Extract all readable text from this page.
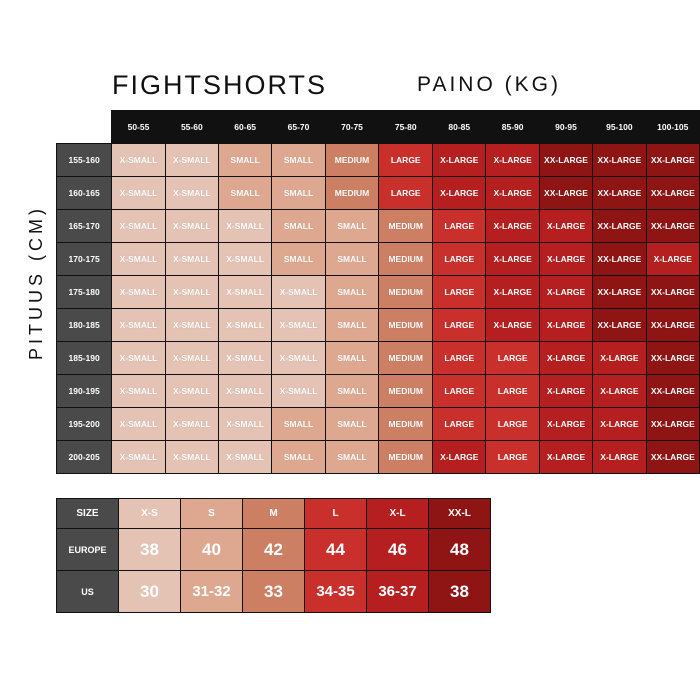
FIGHTSHORTS	PAINO (KG)
PITUUS (CM)
	50-55	55-60	60-65	65-70	70-75	75-80	80-85	85-90	90-95	95-100	100-105
155-160	X-SMALL	X-SMALL	SMALL	SMALL	MEDIUM	LARGE	X-LARGE	X-LARGE	XX-LARGE	XX-LARGE	XX-LARGE
160-165	X-SMALL	X-SMALL	SMALL	SMALL	MEDIUM	LARGE	X-LARGE	X-LARGE	XX-LARGE	XX-LARGE	XX-LARGE
165-170	X-SMALL	X-SMALL	X-SMALL	SMALL	SMALL	MEDIUM	LARGE	X-LARGE	X-LARGE	XX-LARGE	XX-LARGE
170-175	X-SMALL	X-SMALL	X-SMALL	SMALL	SMALL	MEDIUM	LARGE	X-LARGE	X-LARGE	XX-LARGE	X-LARGE
175-180	X-SMALL	X-SMALL	X-SMALL	X-SMALL	SMALL	MEDIUM	LARGE	X-LARGE	X-LARGE	XX-LARGE	XX-LARGE
180-185	X-SMALL	X-SMALL	X-SMALL	X-SMALL	SMALL	MEDIUM	LARGE	X-LARGE	X-LARGE	XX-LARGE	XX-LARGE
185-190	X-SMALL	X-SMALL	X-SMALL	X-SMALL	SMALL	MEDIUM	LARGE	LARGE	X-LARGE	X-LARGE	XX-LARGE
190-195	X-SMALL	X-SMALL	X-SMALL	X-SMALL	SMALL	MEDIUM	LARGE	LARGE	X-LARGE	X-LARGE	XX-LARGE
195-200	X-SMALL	X-SMALL	X-SMALL	SMALL	SMALL	MEDIUM	LARGE	LARGE	X-LARGE	X-LARGE	XX-LARGE
200-205	X-SMALL	X-SMALL	X-SMALL	SMALL	SMALL	MEDIUM	X-LARGE	LARGE	X-LARGE	X-LARGE	XX-LARGE
SIZE	X-S	S	M	L	X-L	XX-L
EUROPE	38	40	42	44	46	48
US	30	31-32	33	34-35	36-37	38
